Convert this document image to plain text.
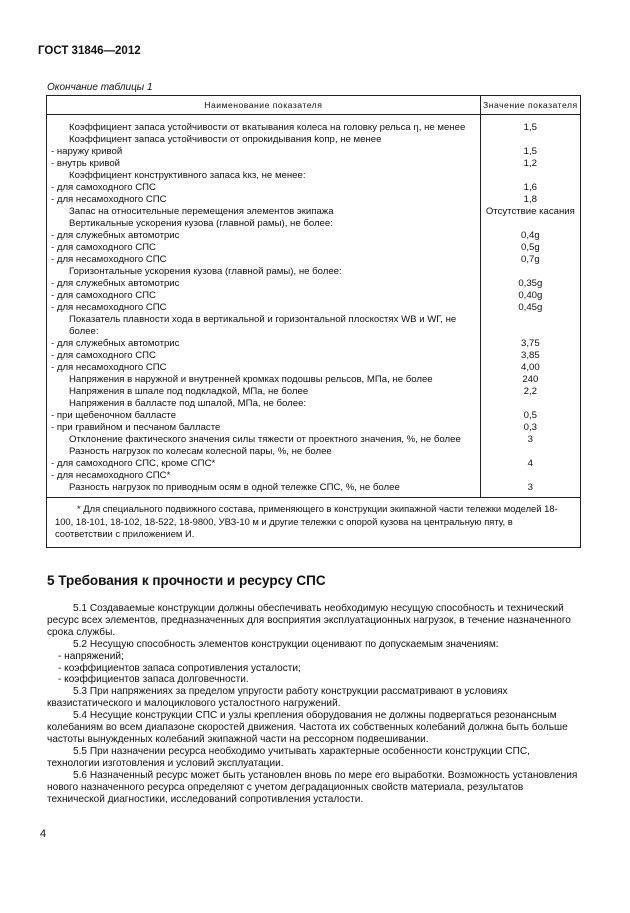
ГОСТ 31846—2012
Окончание таблицы 1
Наименование показателя	Значение показателя

Коэффициент запаса устойчивости от вкатывания колеса на головку рельса η, не менее	1,5
Коэффициент запаса устойчивости от опрокидывания kопр, не менее	
- наружу кривой	1,5
- внутрь кривой	1,2
Коэффициент конструктивного запаса kкз, не менее:	
- для самоходного СПС	1,6
- для несамоходного СПС	1,8
Запас на относительные перемещения элементов экипажа	Отсутствие касания
Вертикальные ускорения кузова (главной рамы), не более:	
- для служебных автомотрис	0,4g
- для самоходного СПС	0,5g
- для несамоходного СПС	0,7g
Горизонтальные ускорения кузова (главной рамы), не более:	
- для служебных автомотрис	0,35g
- для самоходного СПС	0,40g
- для несамоходного СПС	0,45g
Показатель плавности хода в вертикальной и горизонтальной плоскостях WВ и WГ, не более:	
- для служебных автомотрис	3,75
- для самоходного СПС	3,85
- для несамоходного СПС	4,00
Напряжения в наружной и внутренней кромках подошвы рельсов, МПа, не более	240
Напряжения в шпале под подкладкой, МПа, не более	2,2
Напряжения в балласте под шпалой, МПа, не более:	
- при щебеночном балласте	0,5
- при гравийном и песчаном балласте	0,3
Отклонение фактического значения силы тяжести от проектного значения, %, не более	3
Разность нагрузок по колесам колесной пары, %, не более	
- для самоходного СПС, кроме СПС*	4
- для несамоходного СПС*	
Разность нагрузок по приводным осям в одной тележке СПС, %, не более	3
* Для специального подвижного состава, применяющего в конструкции экипажной части тележки моделей 18-100, 18-101, 18-102, 18-522, 18-9800, УВЗ-10 м и другие тележки с опорой кузова на центральную пяту, в соответствии с приложением И.	
5 Требования к прочности и ресурсу СПС

5.1 Создаваемые конструкции должны обеспечивать необходимую несущую способность и технический ресурс всех элементов, предназначенных для восприятия эксплуатационных нагрузок, в течение назначенного срока службы.

5.2 Несущую способность элементов конструкции оценивают по допускаемым значениям:

- напряжений;

- коэффициентов запаса сопротивления усталости;

- коэффициентов запаса долговечности.

5.3 При напряжениях за пределом упругости работу конструкции рассматривают в условиях квазистатического и малоциклового усталостного нагружений.

5.4 Несущие конструкции СПС и узлы крепления оборудования не должны подвергаться резонансным колебаниям во всем диапазоне скоростей движения. Частота их собственных колебаний должна быть больше частоты вынужденных колебаний экипажной части на рессорном подвешивании.

5.5 При назначении ресурса необходимо учитывать характерные особенности конструкции СПС, технологии изготовления и условий эксплуатации.

5.6 Назначенный ресурс может быть установлен вновь по мере его выработки. Возможность установления нового назначенного ресурса определяют с учетом деградационных свойств материала, результатов технической диагностики, исследований сопротивления усталости.

4
